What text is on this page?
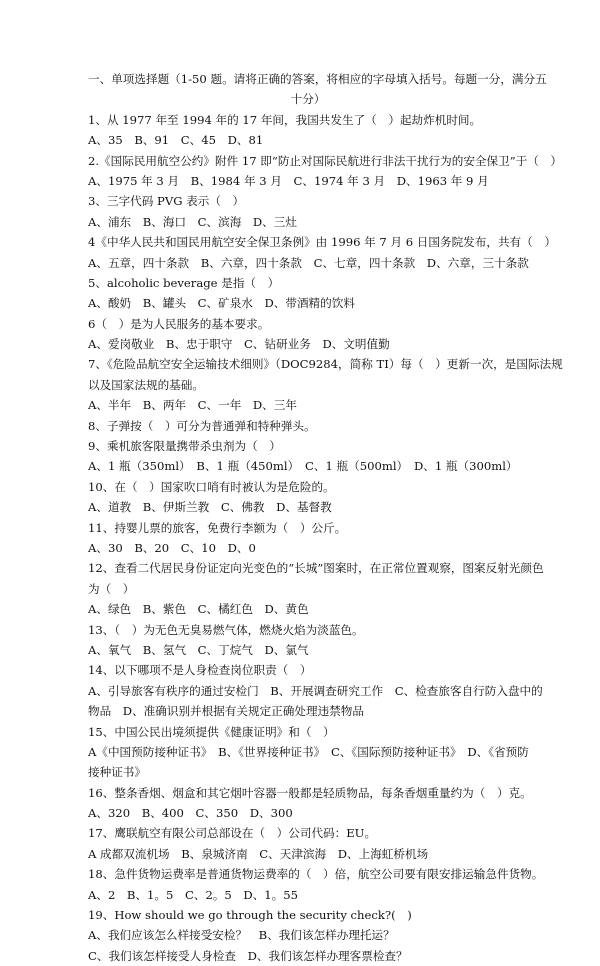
一、单项选择题（1-50 题。请将正确的答案，将相应的字母填入括号。每题一分，满分五
十分）
1、从 1977 年至 1994 年的 17 年间，我国共发生了（　）起劫炸机时间。
A、35　B、91　C、45　D、81
2.《国际民用航空公约》附件 17 即“防止对国际民航进行非法干扰行为的安全保卫”于（　）
A、1975 年 3 月　B、1984 年 3 月　C、1974 年 3 月　D、1963 年 9 月
3、三字代码 PVG 表示（　）
A、浦东　B、海口　C、滨海　D、三灶
4《中华人民共和国民用航空安全保卫条例》由 1996 年 7 月 6 日国务院发布，共有（　）
A、五章，四十条款　B、六章，四十条款　C、七章，四十条款　D、六章，三十条款
5、alcoholic beverage 是指（　）
A、酸奶　B、罐头　C、矿泉水　D、带酒精的饮料
6（　）是为人民服务的基本要求。
A、爱岗敬业　B、忠于职守　C、钻研业务　D、文明值勤
7、《危险品航空安全运输技术细则》（DOC9284，简称 TI）每（　）更新一次，是国际法规
以及国家法规的基础。
A、半年　B、两年　C、一年　D、三年
8、子弹按（　）可分为普通弹和特种弹头。
9、乘机旅客限量携带杀虫剂为（　）
A、1 瓶（350ml）　B、1 瓶（450ml）　C、1 瓶（500ml）　D、1 瓶（300ml）
10、在（　）国家吹口哨有时被认为是危险的。
A、道教　B、伊斯兰教　C、佛教　D、基督教
11、持婴儿票的旅客，免费行李额为（　）公斤。
A、30　B、20　C、10　D、0
12、查看二代居民身份证定向光变色的“长城”图案时，在正常位置观察，图案反射光颜色
为（　）
A、绿色　B、紫色　C、橘红色　D、黄色
13、（　）为无色无臭易燃气体，燃烧火焰为淡蓝色。
A、氧气　B、氢气　C、丁烷气　D、氯气
14、以下哪项不是人身检查岗位职责（　）
A、引导旅客有秩序的通过安检门　B、开展调查研究工作　C、检查旅客自行防入盘中的
物品　D、准确识别并根据有关规定正确处理违禁物品
15、中国公民出境须提供《健康证明》和（　）
A《中国预防接种证书》　B、《世界接种证书》　C、《国际预防接种证书》　D、《省预防
接种证书》
16、整条香烟、烟盒和其它烟叶容器一般都是轻质物品，每条香烟重量约为（　）克。
A、320　B、400　C、350　D、300
17、鹰联航空有限公司总部设在（　）公司代码：EU。
A 成都双流机场　B、泉城济南　C、天津滨海　D、上海虹桥机场
18、急件货物运费率是普通货物运费率的（　）倍，航空公司要有限安排运输急件货物。
A、2　B、1。5　C、2。5　D、1。55
19、How should we go through the security check?(　)
A、我们应该怎么样接受安检？　B、我们该怎样办理托运？
C、我们该怎样接受人身检查　D、我们该怎样办理客票检查？
